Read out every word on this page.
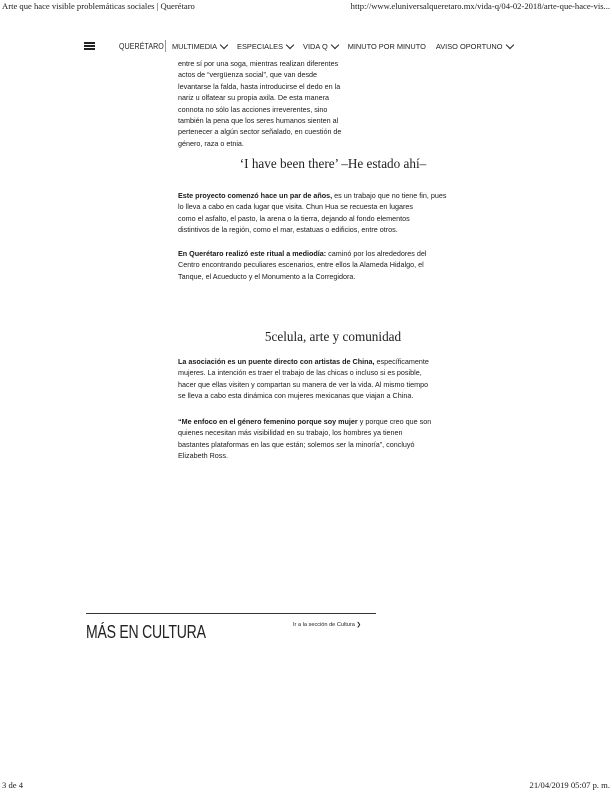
Arte que hace visible problemáticas sociales | Querétaro	http://www.eluniversalqueretaro.mx/vida-q/04-02-2018/arte-que-hace-vis...
QUERÉTARO MULTIMEDIA	ESPECIALES	VIDA Q	MINUTO POR MINUTO AVISO OPORTUNO

entre sí por una soga, mientras realizan diferentes
actos de “vergüenza social”, que van desde
levantarse la falda, hasta introducirse el dedo en la
nariz u olfatear su propia axila. De esta manera
connota no sólo las acciones irreverentes, sino
también la pena que los seres humanos sienten al
pertenecer a algún sector señalado, en cuestión de
género, raza o etnia.

‘I have been there’ –He estado ahí–

Este proyecto comenzó hace un par de años, es un trabajo que no tiene fin, pues
lo lleva a cabo en cada lugar que visita. Chun Hua se recuesta en lugares
como el asfalto, el pasto, la arena o la tierra, dejando al fondo elementos
distintivos de la región, como el mar, estatuas o edificios, entre otros.

En Querétaro realizó este ritual a mediodía: caminó por los alrededores del
Centro encontrando peculiares escenarios, entre ellos la Alameda Hidalgo, el
Tanque, el Acueducto y el Monumento a la Corregidora.

5celula, arte y comunidad

La asociación es un puente directo con artistas de China, específicamente
mujeres. La intención es traer el trabajo de las chicas o incluso si es posible,
hacer que ellas visiten y compartan su manera de ver la vida. Al mismo tiempo
se lleva a cabo esta dinámica con mujeres mexicanas que viajan a China.

“Me enfoco en el género femenino porque soy mujer y porque creo que son
quienes necesitan más visibilidad en su trabajo, los hombres ya tienen
bastantes plataformas en las que están; solemos ser la minoría”, concluyó
Elizabeth Ross.

MÁS EN CULTURA	Ir a la sección de Cultura ❯
3 de 4	21/04/2019 05:07 p. m.
